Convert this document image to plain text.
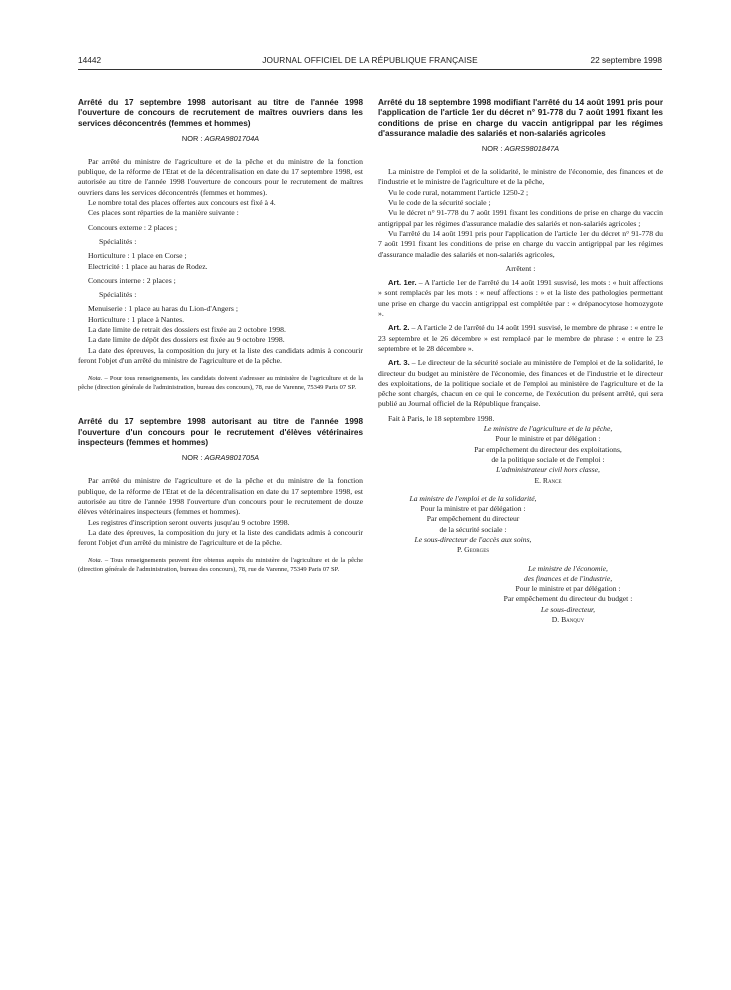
14442	JOURNAL OFFICIEL DE LA RÉPUBLIQUE FRANÇAISE	22 septembre 1998
Arrêté du 17 septembre 1998 autorisant au titre de l'année 1998 l'ouverture de concours de recrutement de maîtres ouvriers dans les services déconcentrés (femmes et hommes)
NOR : AGRA9801704A

Par arrêté du ministre de l'agriculture et de la pêche et du ministre de la fonction publique, de la réforme de l'Etat et de la décentralisation en date du 17 septembre 1998, est autorisée au titre de l'année 1998 l'ouverture de concours pour le recrutement de maîtres ouvriers dans les services déconcentrés (femmes et hommes).

Le nombre total des places offertes aux concours est fixé à 4.

Ces places sont réparties de la manière suivante :

Concours externe : 2 places ;

Spécialités :

Horticulture : 1 place en Corse ;

Electricité : 1 place au haras de Rodez.

Concours interne : 2 places ;

Spécialités :

Menuiserie : 1 place au haras du Lion-d'Angers ;

Horticulture : 1 place à Nantes.

La date limite de retrait des dossiers est fixée au 2 octobre 1998.

La date limite de dépôt des dossiers est fixée au 9 octobre 1998.

La date des épreuves, la composition du jury et la liste des candidats admis à concourir feront l'objet d'un arrêté du ministre de l'agriculture et de la pêche.

Nota. – Pour tous renseignements, les candidats doivent s'adresser au ministère de l'agriculture et de la pêche (direction générale de l'administration, bureau des concours), 78, rue de Varenne, 75349 Paris 07 SP.
Arrêté du 17 septembre 1998 autorisant au titre de l'année 1998 l'ouverture d'un concours pour le recrutement d'élèves vétérinaires inspecteurs (femmes et hommes)
NOR : AGRA9801705A

Par arrêté du ministre de l'agriculture et de la pêche et du ministre de la fonction publique, de la réforme de l'Etat et de la décentralisation en date du 17 septembre 1998, est autorisée au titre de l'année 1998 l'ouverture d'un concours pour le recrutement de douze élèves vétérinaires inspecteurs (femmes et hommes).

Les registres d'inscription seront ouverts jusqu'au 9 octobre 1998.

La date des épreuves, la composition du jury et la liste des candidats admis à concourir feront l'objet d'un arrêté du ministre de l'agriculture et de la pêche.

Nota. – Tous renseignements peuvent être obtenus auprès du ministère de l'agriculture et de la pêche (direction générale de l'administration, bureau des concours), 78, rue de Varenne, 75349 Paris 07 SP.
Arrêté du 18 septembre 1998 modifiant l'arrêté du 14 août 1991 pris pour l'application de l'article 1er du décret n° 91-778 du 7 août 1991 fixant les conditions de prise en charge du vaccin antigrippal par les régimes d'assurance maladie des salariés et non-salariés agricoles
NOR : AGRS9801847A

La ministre de l'emploi et de la solidarité, le ministre de l'économie, des finances et de l'industrie et le ministre de l'agriculture et de la pêche,

Vu le code rural, notamment l'article 1250-2 ;

Vu le code de la sécurité sociale ;

Vu le décret n° 91-778 du 7 août 1991 fixant les conditions de prise en charge du vaccin antigrippal par les régimes d'assurance maladie des salariés et non-salariés agricoles ;

Vu l'arrêté du 14 août 1991 pris pour l'application de l'article 1er du décret n° 91-778 du 7 août 1991 fixant les conditions de prise en charge du vaccin antigrippal par les régimes d'assurance maladie des salariés et non-salariés agricoles,

Arrêtent :

Art. 1er. – A l'article 1er de l'arrêté du 14 août 1991 susvisé, les mots : « huit affections » sont remplacés par les mots : « neuf affections : » et la liste des pathologies permettant une prise en charge du vaccin antigrippal est complétée par : « drépanocytose homozygote ».

Art. 2. – A l'article 2 de l'arrêté du 14 août 1991 susvisé, le membre de phrase : « entre le 23 septembre et le 26 décembre » est remplacé par le membre de phrase : « entre le 23 septembre et le 28 décembre ».

Art. 3. – Le directeur de la sécurité sociale au ministère de l'emploi et de la solidarité, le directeur du budget au ministère de l'économie, des finances et de l'industrie et le directeur des exploitations, de la politique sociale et de l'emploi au ministère de l'agriculture et de la pêche sont chargés, chacun en ce qui le concerne, de l'exécution du présent arrêté, qui sera publié au Journal officiel de la République française.

Fait à Paris, le 18 septembre 1998.

Le ministre de l'agriculture et de la pêche,
Pour le ministre et par délégation :
Par empêchement du directeur des exploitations,
de la politique sociale et de l'emploi :
L'administrateur civil hors classe,
E. Rance
La ministre de l'emploi et de la solidarité,
Pour la ministre et par délégation :
Par empêchement du directeur
de la sécurité sociale :
Le sous-directeur de l'accès aux soins,
P. Georges
Le ministre de l'économie,
des finances et de l'industrie,
Pour le ministre et par délégation :
Par empêchement du directeur du budget :
Le sous-directeur,
D. Banquy
